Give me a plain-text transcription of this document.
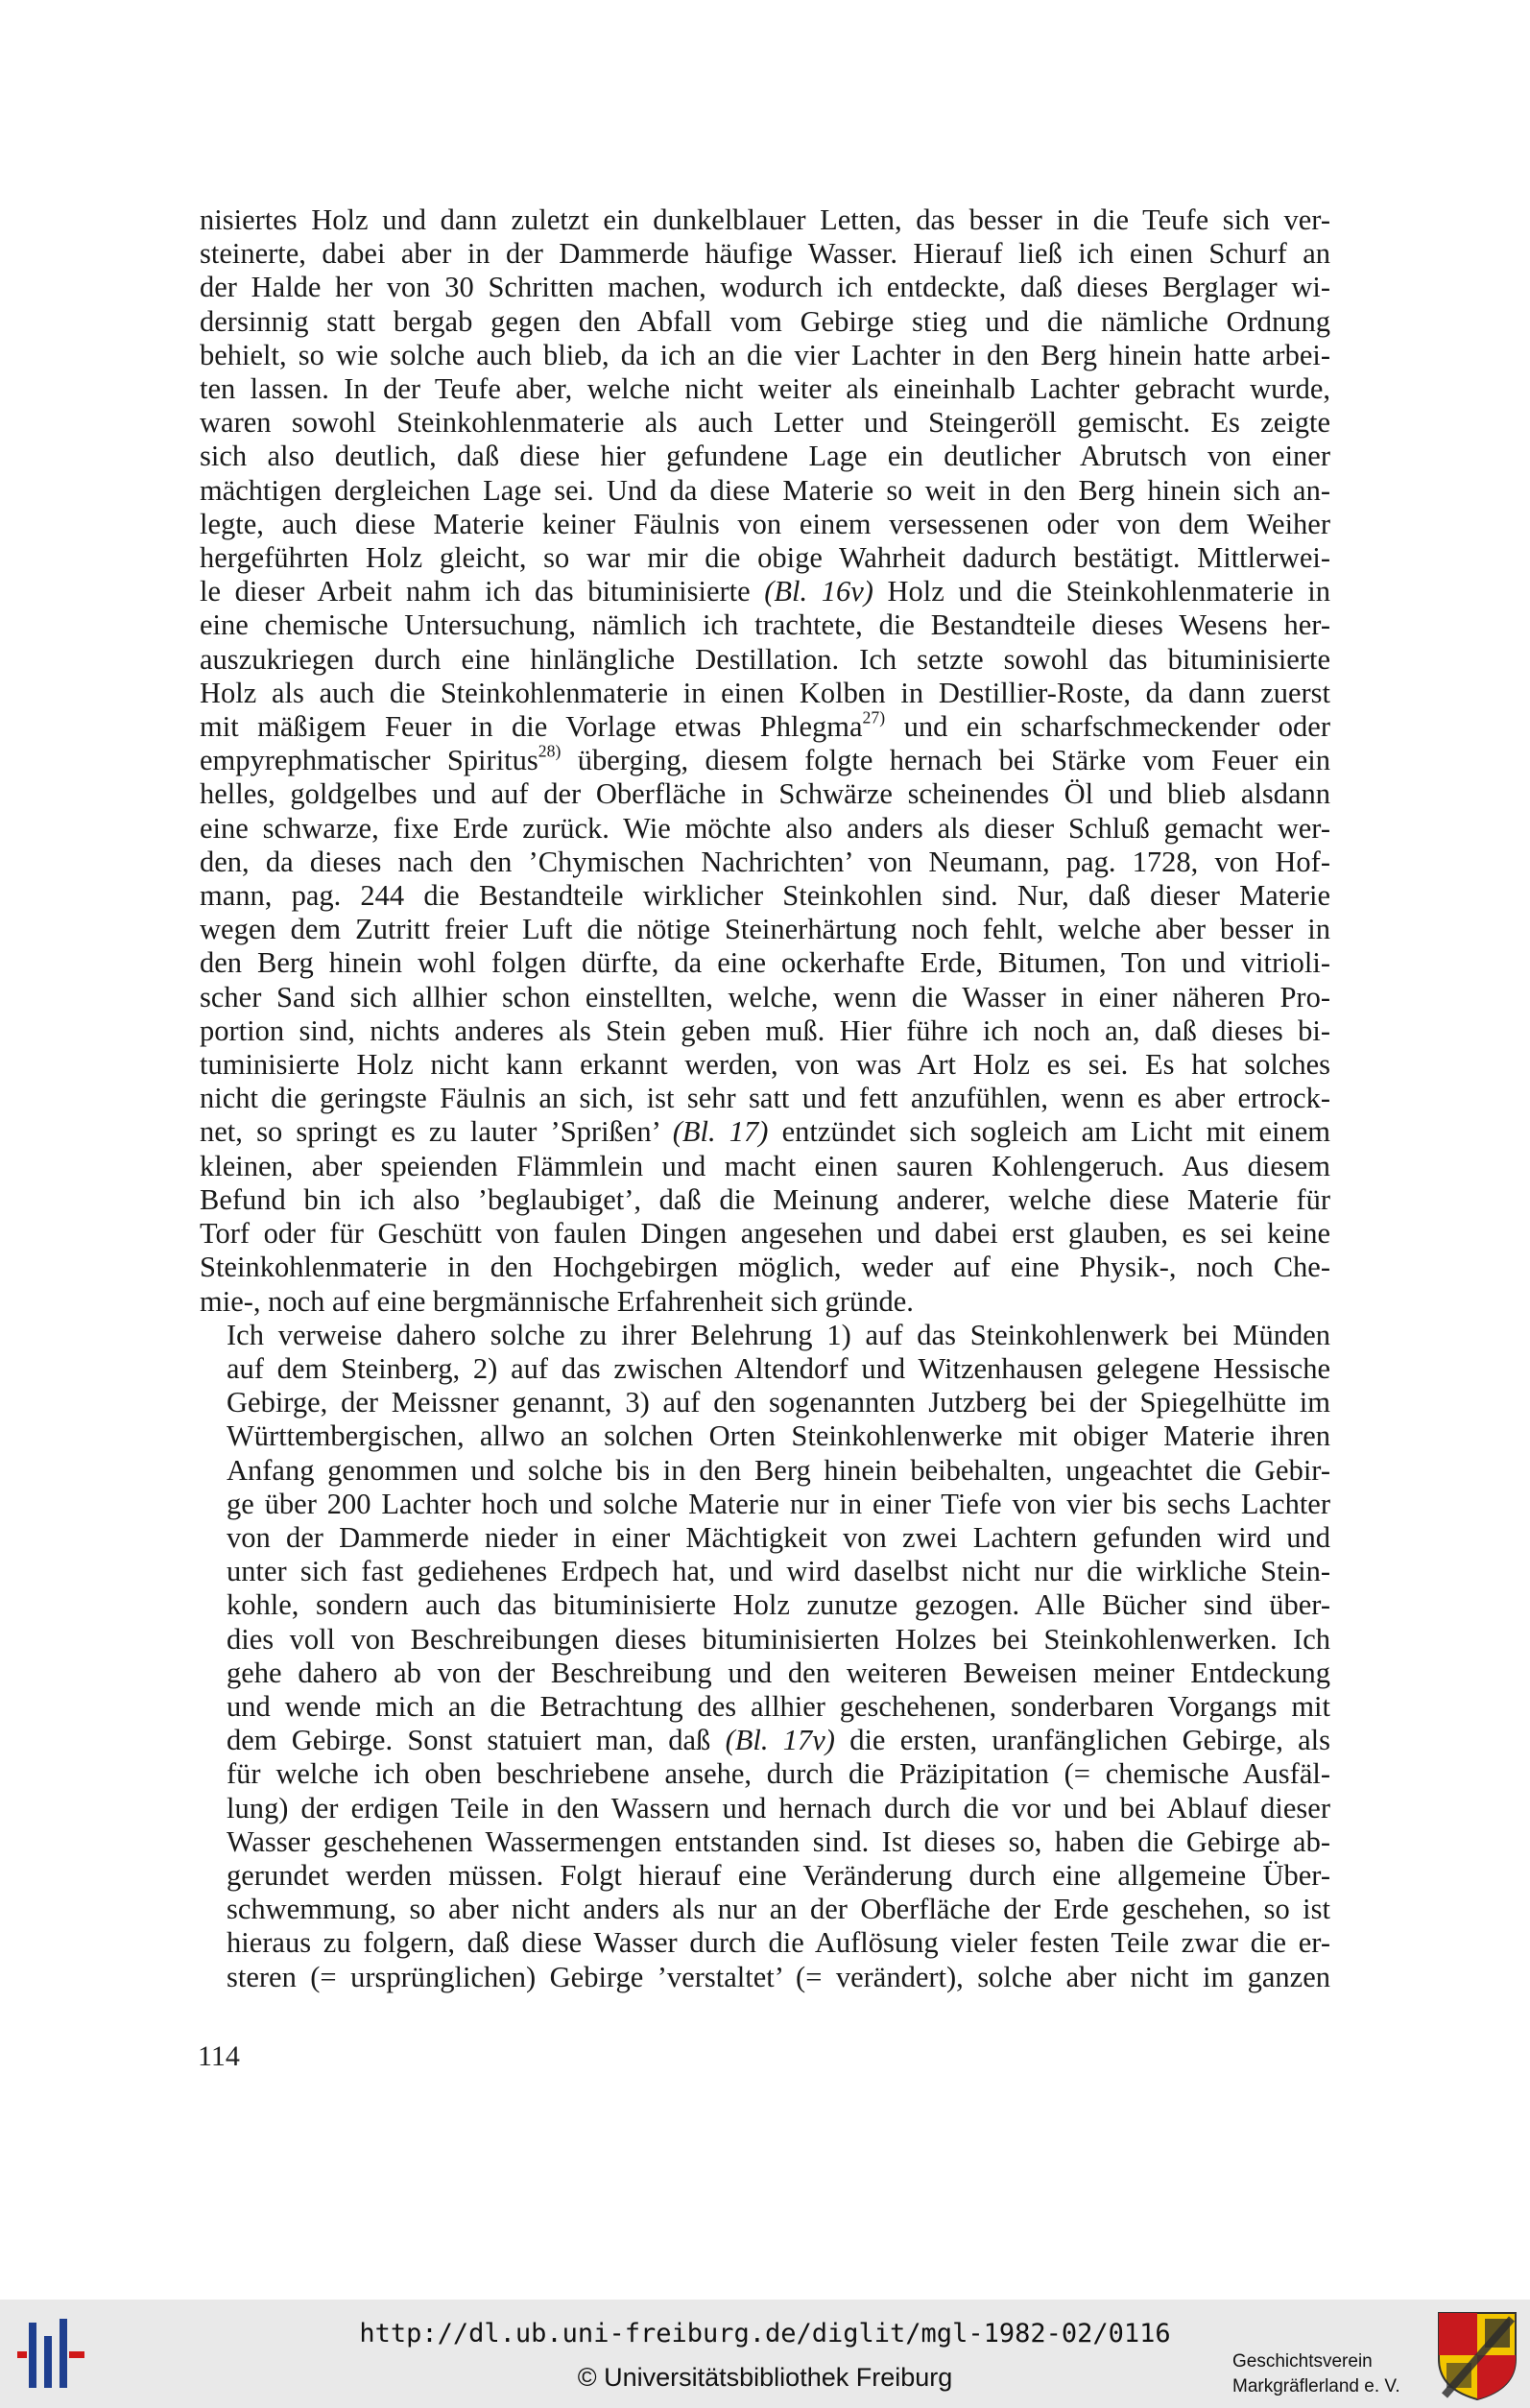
nisiertes Holz und dann zuletzt ein dunkelblauer Letten, das besser in die Teufe sich ver-
steinerte, dabei aber in der Dammerde häufige Wasser. Hierauf ließ ich einen Schurf an
der Halde her von 30 Schritten machen, wodurch ich entdeckte, daß dieses Berglager wi-
dersinnig statt bergab gegen den Abfall vom Gebirge stieg und die nämliche Ordnung
behielt, so wie solche auch blieb, da ich an die vier Lachter in den Berg hinein hatte arbei-
ten lassen. In der Teufe aber, welche nicht weiter als eineinhalb Lachter gebracht wurde,
waren sowohl Steinkohlenmaterie als auch Letter und Steingeröll gemischt. Es zeigte
sich also deutlich, daß diese hier gefundene Lage ein deutlicher Abrutsch von einer
mächtigen dergleichen Lage sei. Und da diese Materie so weit in den Berg hinein sich an-
legte, auch diese Materie keiner Fäulnis von einem versessenen oder von dem Weiher
hergeführten Holz gleicht, so war mir die obige Wahrheit dadurch bestätigt. Mittlerwei-
le dieser Arbeit nahm ich das bituminisierte (Bl. 16v) Holz und die Steinkohlenmaterie in
eine chemische Untersuchung, nämlich ich trachtete, die Bestandteile dieses Wesens her-
auszukriegen durch eine hinlängliche Destillation. Ich setzte sowohl das bituminisierte
Holz als auch die Steinkohlenmaterie in einen Kolben in Destillier-Roste, da dann zuerst
mit mäßigem Feuer in die Vorlage etwas Phlegma$^{27)}$ und ein scharfschmeckender oder
empyrephmatischer Spiritus$^{28)}$ überging, diesem folgte hernach bei Stärke vom Feuer ein
helles, goldgelbes und auf der Oberfläche in Schwärze scheinendes Öl und blieb alsdann
eine schwarze, fixe Erde zurück. Wie möchte also anders als dieser Schluß gemacht wer-
den, da dieses nach den ’Chymischen Nachrichten’ von Neumann, pag. 1728, von Hof-
mann, pag. 244 die Bestandteile wirklicher Steinkohlen sind. Nur, daß dieser Materie
wegen dem Zutritt freier Luft die nötige Steinerhärtung noch fehlt, welche aber besser in
den Berg hinein wohl folgen dürfte, da eine ockerhafte Erde, Bitumen, Ton und vitrioli-
scher Sand sich allhier schon einstellten, welche, wenn die Wasser in einer näheren Pro-
portion sind, nichts anderes als Stein geben muß. Hier führe ich noch an, daß dieses bi-
tuminisierte Holz nicht kann erkannt werden, von was Art Holz es sei. Es hat solches
nicht die geringste Fäulnis an sich, ist sehr satt und fett anzufühlen, wenn es aber ertrock-
net, so springt es zu lauter ’Sprißen’ (Bl. 17) entzündet sich sogleich am Licht mit einem
kleinen, aber speienden Flämmlein und macht einen sauren Kohlengeruch. Aus diesem
Befund bin ich also ’beglaubiget’, daß die Meinung anderer, welche diese Materie für
Torf oder für Geschütt von faulen Dingen angesehen und dabei erst glauben, es sei keine
Steinkohlenmaterie in den Hochgebirgen möglich, weder auf eine Physik-, noch Che-
mie-, noch auf eine bergmännische Erfahrenheit sich gründe.

Ich verweise dahero solche zu ihrer Belehrung 1) auf das Steinkohlenwerk bei Münden
auf dem Steinberg, 2) auf das zwischen Altendorf und Witzenhausen gelegene Hessische
Gebirge, der Meissner genannt, 3) auf den sogenannten Jutzberg bei der Spiegelhütte im
Württembergischen, allwo an solchen Orten Steinkohlenwerke mit obiger Materie ihren
Anfang genommen und solche bis in den Berg hinein beibehalten, ungeachtet die Gebir-
ge über 200 Lachter hoch und solche Materie nur in einer Tiefe von vier bis sechs Lachter
von der Dammerde nieder in einer Mächtigkeit von zwei Lachtern gefunden wird und
unter sich fast gediehenes Erdpech hat, und wird daselbst nicht nur die wirkliche Stein-
kohle, sondern auch das bituminisierte Holz zunutze gezogen. Alle Bücher sind über-
dies voll von Beschreibungen dieses bituminisierten Holzes bei Steinkohlenwerken. Ich
gehe dahero ab von der Beschreibung und den weiteren Beweisen meiner Entdeckung
und wende mich an die Betrachtung des allhier geschehenen, sonderbaren Vorgangs mit
dem Gebirge. Sonst statuiert man, daß (Bl. 17v) die ersten, uranfänglichen Gebirge, als
für welche ich oben beschriebene ansehe, durch die Präzipitation (= chemische Ausfäl-
lung) der erdigen Teile in den Wassern und hernach durch die vor und bei Ablauf dieser
Wasser geschehenen Wassermengen entstanden sind. Ist dieses so, haben die Gebirge ab-
gerundet werden müssen. Folgt hierauf eine Veränderung durch eine allgemeine Über-
schwemmung, so aber nicht anders als nur an der Oberfläche der Erde geschehen, so ist
hieraus zu folgern, daß diese Wasser durch die Auflösung vieler festen Teile zwar die er-
steren (= ursprünglichen) Gebirge ’verstaltet’ (= verändert), solche aber nicht im ganzen

114
http://dl.ub.uni-freiburg.de/diglit/mgl-1982-02/0116
© Universitätsbibliothek Freiburg
Geschichtsverein
Markgräflerland e. V.
